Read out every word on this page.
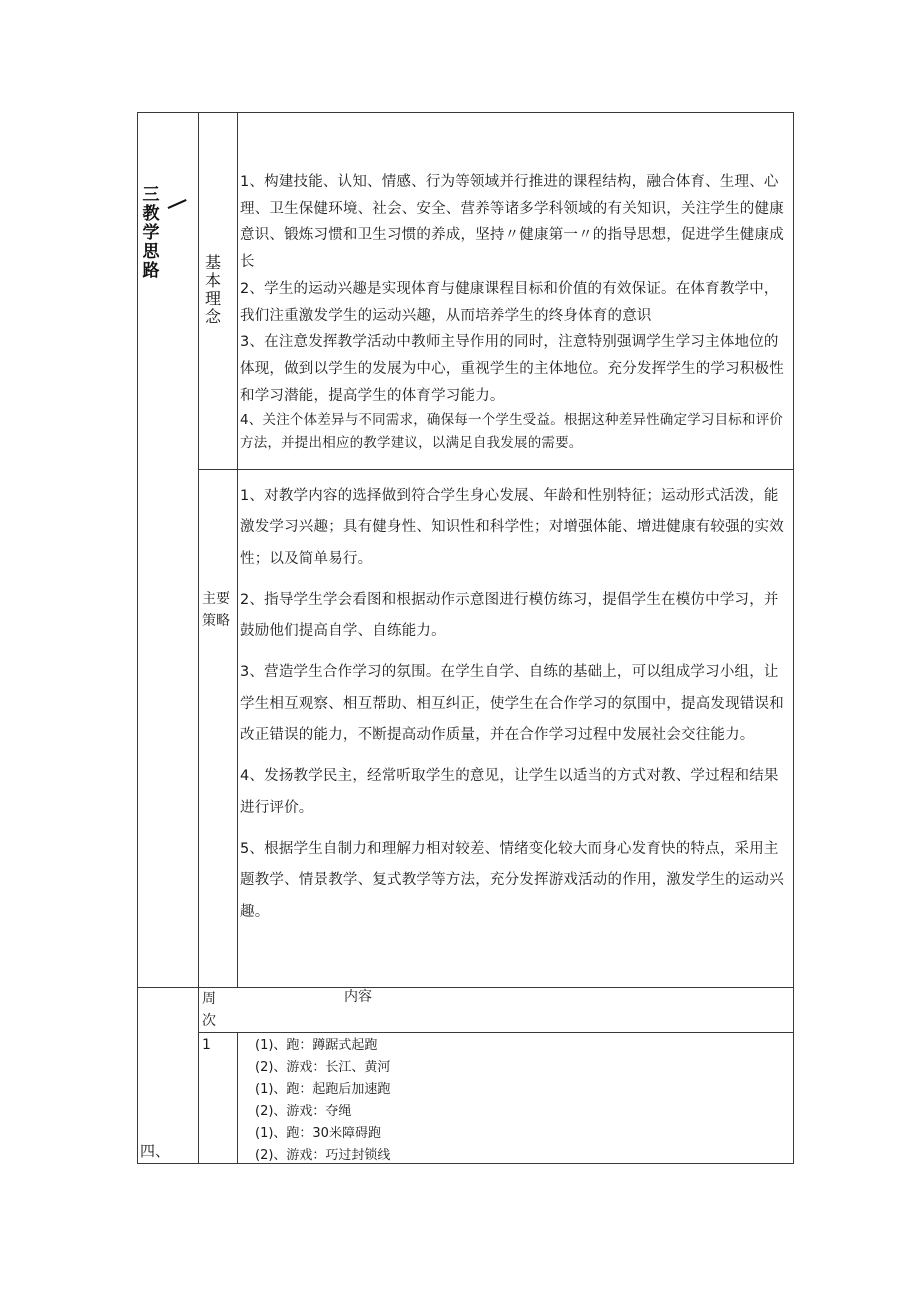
三
教
学
思
路	基
本
理
念

1、构建技能、认知、情感、行为等领域并行推进的课程结构，融合体育、生理、心理、卫生保健环境、社会、安全、营养等诸多学科领域的有关知识，关注学生的健康意识、锻炼习惯和卫生习惯的养成，坚持〃健康第一〃的指导思想，促进学生健康成长

2、学生的运动兴趣是实现体育与健康课程目标和价值的有效保证。在体育教学中，我们注重激发学生的运动兴趣，从而培养学生的终身体育的意识

3、在注意发挥教学活动中教师主导作用的同时，注意特别强调学生学习主体地位的体现，做到以学生的发展为中心，重视学生的主体地位。充分发挥学生的学习积极性和学习潜能，提高学生的体育学习能力。

4、关注个体差异与不同需求，确保每一个学生受益。根据这种差异性确定学习目标和评价方法，并提出相应的教学建议，以满足自我发展的需要。

主要
策略

1、对教学内容的选择做到符合学生身心发展、年龄和性别特征；运动形式活泼，能激发学习兴趣；具有健身性、知识性和科学性；对增强体能、增进健康有较强的实效性；以及简单易行。

2、指导学生学会看图和根据动作示意图进行模仿练习，提倡学生在模仿中学习，并鼓励他们提高自学、自练能力。

3、营造学生合作学习的氛围。在学生自学、自练的基础上，可以组成学习小组，让学生相互观察、相互帮助、相互纠正，使学生在合作学习的氛围中，提高发现错误和改正错误的能力，不断提高动作质量，并在合作学习过程中发展社会交往能力。

4、发扬教学民主，经常听取学生的意见，让学生以适当的方式对教、学过程和结果进行评价。

5、根据学生自制力和理解力相对较差、情绪变化较大而身心发育快的特点，采用主题教学、情景教学、复式教学等方法，充分发挥游戏活动的作用，激发学生的运动兴趣。

周
次
内容
1	(1)、跑：蹲踞式起跑
(2)、游戏：长江、黄河
(1)、跑：起跑后加速跑
(2)、游戏：夺绳
(1)、跑：30米障碍跑
(2)、游戏：巧过封锁线
四、
